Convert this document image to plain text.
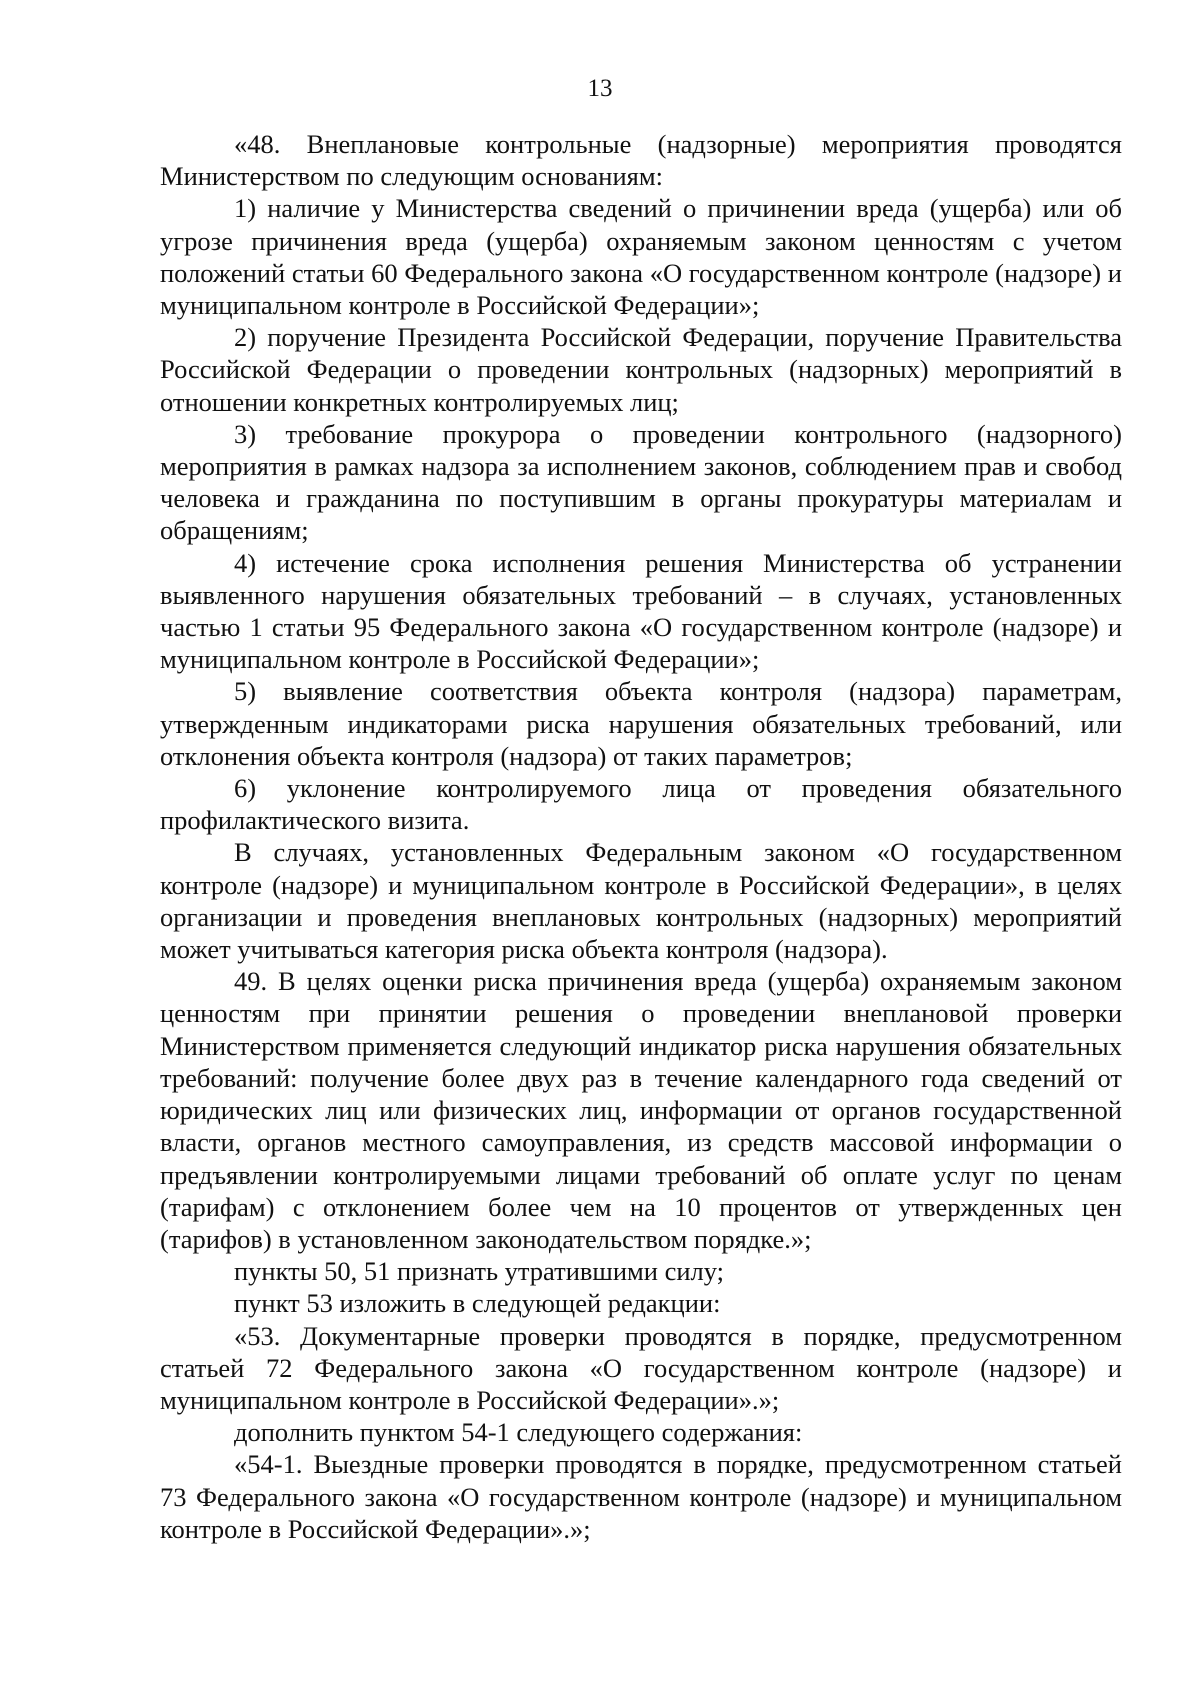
13

«48. Внеплановые контрольные (надзорные) мероприятия проводятся Министерством по следующим основаниям:

1) наличие у Министерства сведений о причинении вреда (ущерба) или об угрозе причинения вреда (ущерба) охраняемым законом ценностям с учетом положений статьи 60 Федерального закона «О государственном контроле (надзоре) и муниципальном контроле в Российской Федерации»;

2) поручение Президента Российской Федерации, поручение Правительства Российской Федерации о проведении контрольных (надзорных) мероприятий в отношении конкретных контролируемых лиц;

3) требование прокурора о проведении контрольного (надзорного) мероприятия в рамках надзора за исполнением законов, соблюдением прав и свобод человека и гражданина по поступившим в органы прокуратуры материалам и обращениям;

4) истечение срока исполнения решения Министерства об устранении выявленного нарушения обязательных требований – в случаях, установленных частью 1 статьи 95 Федерального закона «О государственном контроле (надзоре) и муниципальном контроле в Российской Федерации»;

5) выявление соответствия объекта контроля (надзора) параметрам, утвержденным индикаторами риска нарушения обязательных требований, или отклонения объекта контроля (надзора) от таких параметров;

6) уклонение контролируемого лица от проведения обязательного профилактического визита.

В случаях, установленных Федеральным законом «О государственном контроле (надзоре) и муниципальном контроле в Российской Федерации», в целях организации и проведения внеплановых контрольных (надзорных) мероприятий может учитываться категория риска объекта контроля (надзора).

49. В целях оценки риска причинения вреда (ущерба) охраняемым законом ценностям при принятии решения о проведении внеплановой проверки Министерством применяется следующий индикатор риска нарушения обязательных требований: получение более двух раз в течение календарного года сведений от юридических лиц или физических лиц, информации от органов государственной власти, органов местного самоуправления, из средств массовой информации о предъявлении контролируемыми лицами требований об оплате услуг по ценам (тарифам) с отклонением более чем на 10 процентов от утвержденных цен (тарифов) в установленном законодательством порядке.»;

пункты 50, 51 признать утратившими силу;

пункт 53 изложить в следующей редакции:

«53. Документарные проверки проводятся в порядке, предусмотренном статьей 72 Федерального закона «О государственном контроле (надзоре) и муниципальном контроле в Российской Федерации».»;

дополнить пунктом 54-1 следующего содержания:

«54-1. Выездные проверки проводятся в порядке, предусмотренном статьей 73 Федерального закона «О государственном контроле (надзоре) и муниципальном контроле в Российской Федерации».»;
